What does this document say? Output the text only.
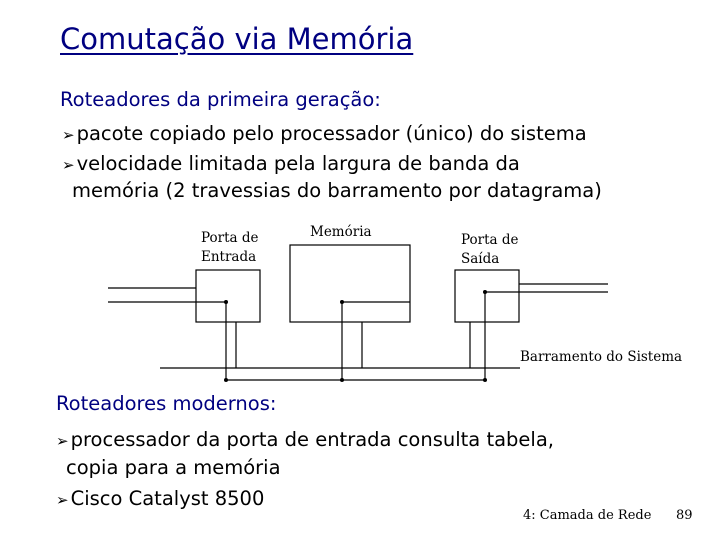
Comutação via Memória
Roteadores da primeira geração:
➢ pacote copiado pelo processador (único) do sistema
➢ velocidade limitada pela largura de banda da
memória (2 travessias do barramento por datagrama)
Porta de
Entrada
Memória	Porta de
Saída
Barramento do Sistema
Roteadores modernos:
➢ processador da porta de entrada consulta tabela,
copia para a memória
➢ Cisco Catalyst 8500
4: Camada de Rede 89
